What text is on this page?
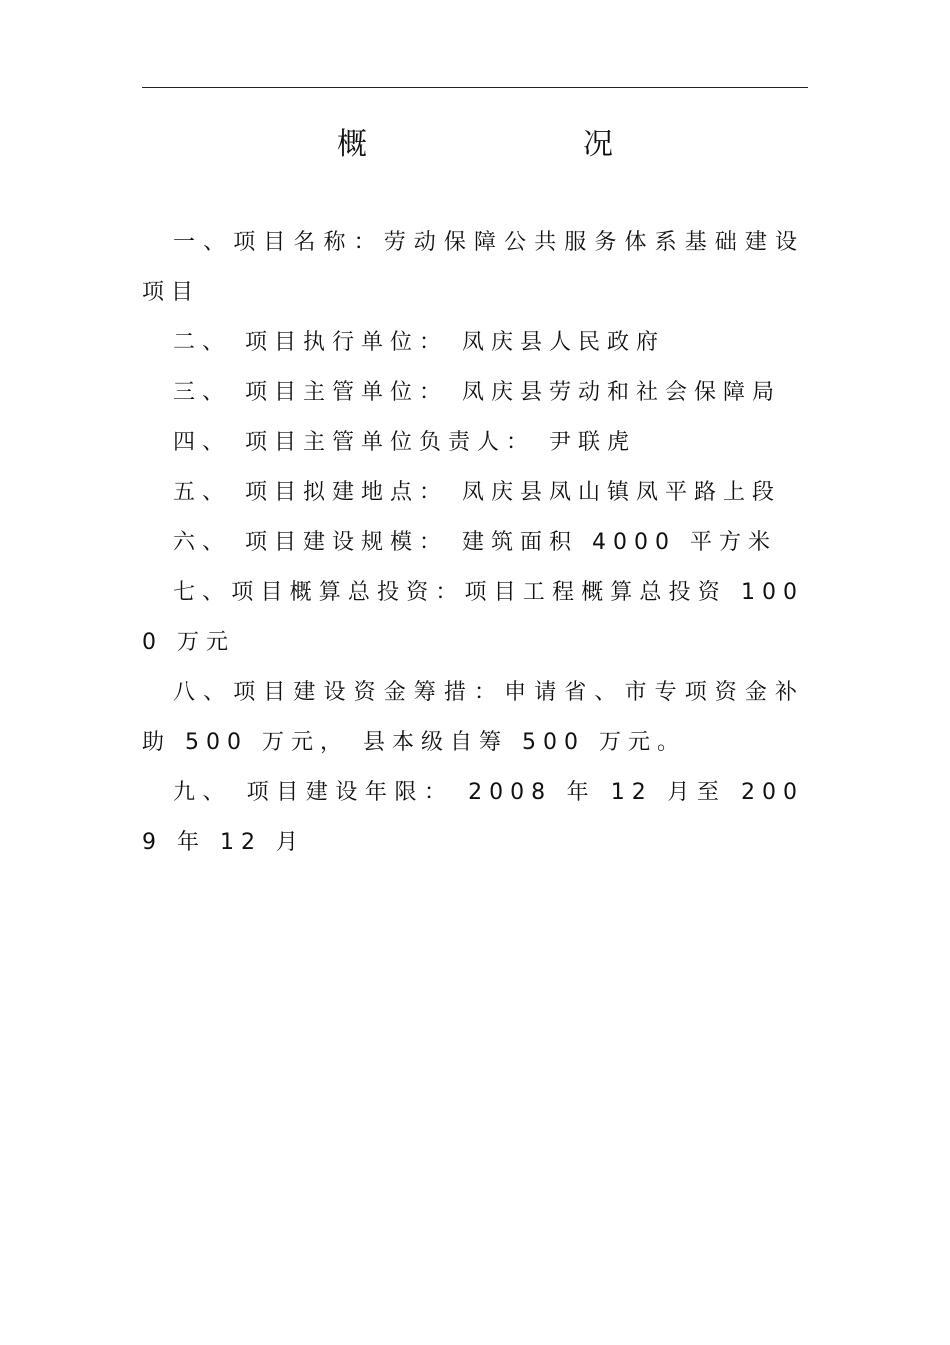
概　　况

一、项目名称：劳动保障公共服务体系基础建设项目

二、 项目执行单位： 凤庆县人民政府

三、 项目主管单位： 凤庆县劳动和社会保障局

四、 项目主管单位负责人： 尹联虎

五、 项目拟建地点： 凤庆县凤山镇凤平路上段

六、 项目建设规模： 建筑面积 4000 平方米

七、项目概算总投资：项目工程概算总投资 1000 万元

八、项目建设资金筹措：申请省、市专项资金补助 500 万元， 县本级自筹 500 万元。

九、 项目建设年限： 2008 年 12 月至 2009 年 12 月
